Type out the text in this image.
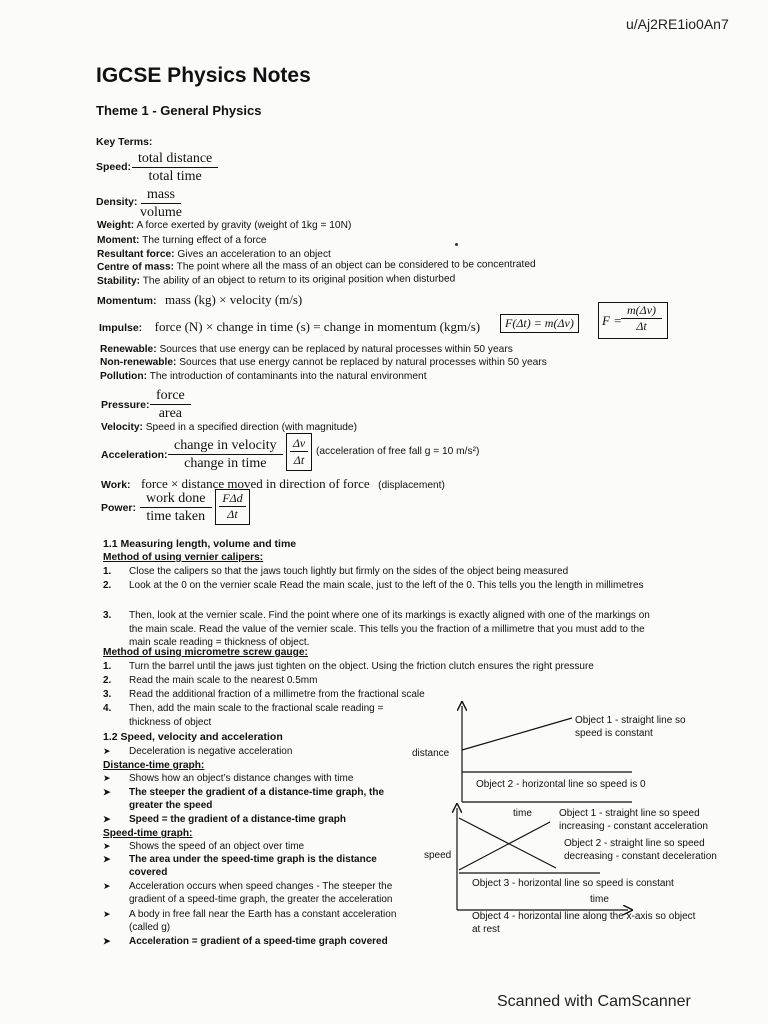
u/Aj2RE1io0An7
IGCSE Physics Notes
Theme 1 - General Physics
Key Terms:
Speed:
total distance
total time
Density: mass
volume
Weight: A force exerted by gravity (weight of 1kg = 10N)
Moment: The turning effect of a force
Resultant force: Gives an acceleration to an object
Centre of mass: The point where all the mass of an object can be considered to be concentrated
Stability: The ability of an object to return to its original position when disturbed
Momentum: mass (kg) × velocity (m/s)
Impulse: force (N) × change in time (s) = change in momentum (kgm/s)	F(Δt) = m(Δv)	$F = \frac{m(\Delta v)}{\Delta t}$
Renewable: Sources that use energy can be replaced by natural processes within 50 years
Non-renewable: Sources that use energy cannot be replaced by natural processes within 50 years
Pollution: The introduction of contaminants into the natural environment
Pressure:
force
area
Velocity: Speed in a specified direction (with magnitude)
Acceleration:
change in velocity
change in time $\frac{\Delta v}{\Delta t}$ (acceleration of free fall g = 10 m/s²)
Work: force × distance moved in direction of force (displacement)
Power:
work done
time taken
FΔd
Δt
1.1 Measuring length, volume and time
Method of using vernier calipers:
1. Close the calipers so that the jaws touch lightly but firmly on the sides of the object being measured
2. Look at the 0 on the vernier scale Read the main scale, just to the left of the 0. This tells you the length in millimetres
3. Then, look at the vernier scale. Find the point where one of its markings is exactly aligned with one of the markings on the main scale. Read the value of the vernier scale. This tells you the fraction of a millimetre that you must add to the main scale reading = thickness of object.
Method of using micrometre screw gauge:
1. Turn the barrel until the jaws just tighten on the object. Using the friction clutch ensures the right pressure
2. Read the main scale to the nearest 0.5mm
3. Read the additional fraction of a millimetre from the fractional scale
4. Then, add the main scale to the fractional scale reading = thickness of object
1.2 Speed, velocity and acceleration
➤ Deceleration is negative acceleration
Distance-time graph:
➤ Shows how an object’s distance changes with time
➤ The steeper the gradient of a distance-time graph, the greater the speed
➤ Speed = the gradient of a distance-time graph
Speed-time graph:
➤ Shows the speed of an object over time
➤ The area under the speed-time graph is the distance covered
➤ Acceleration occurs when speed changes - The steeper the gradient of a speed-time graph, the greater the acceleration
➤ A body in free fall near the Earth has a constant acceleration (called g)
➤ Acceleration = gradient of a speed-time graph covered
distance
time
Object 1 - straight line so speed is constant
Object 2 - horizontal line so speed is 0
speed
time
Object 1 - straight line so speed increasing - constant acceleration
Object 2 - straight line so speed decreasing - constant deceleration
Object 3 - horizontal line so speed is constant
Object 4 - horizontal line along the x-axis so object at rest
Scanned with CamScanner
